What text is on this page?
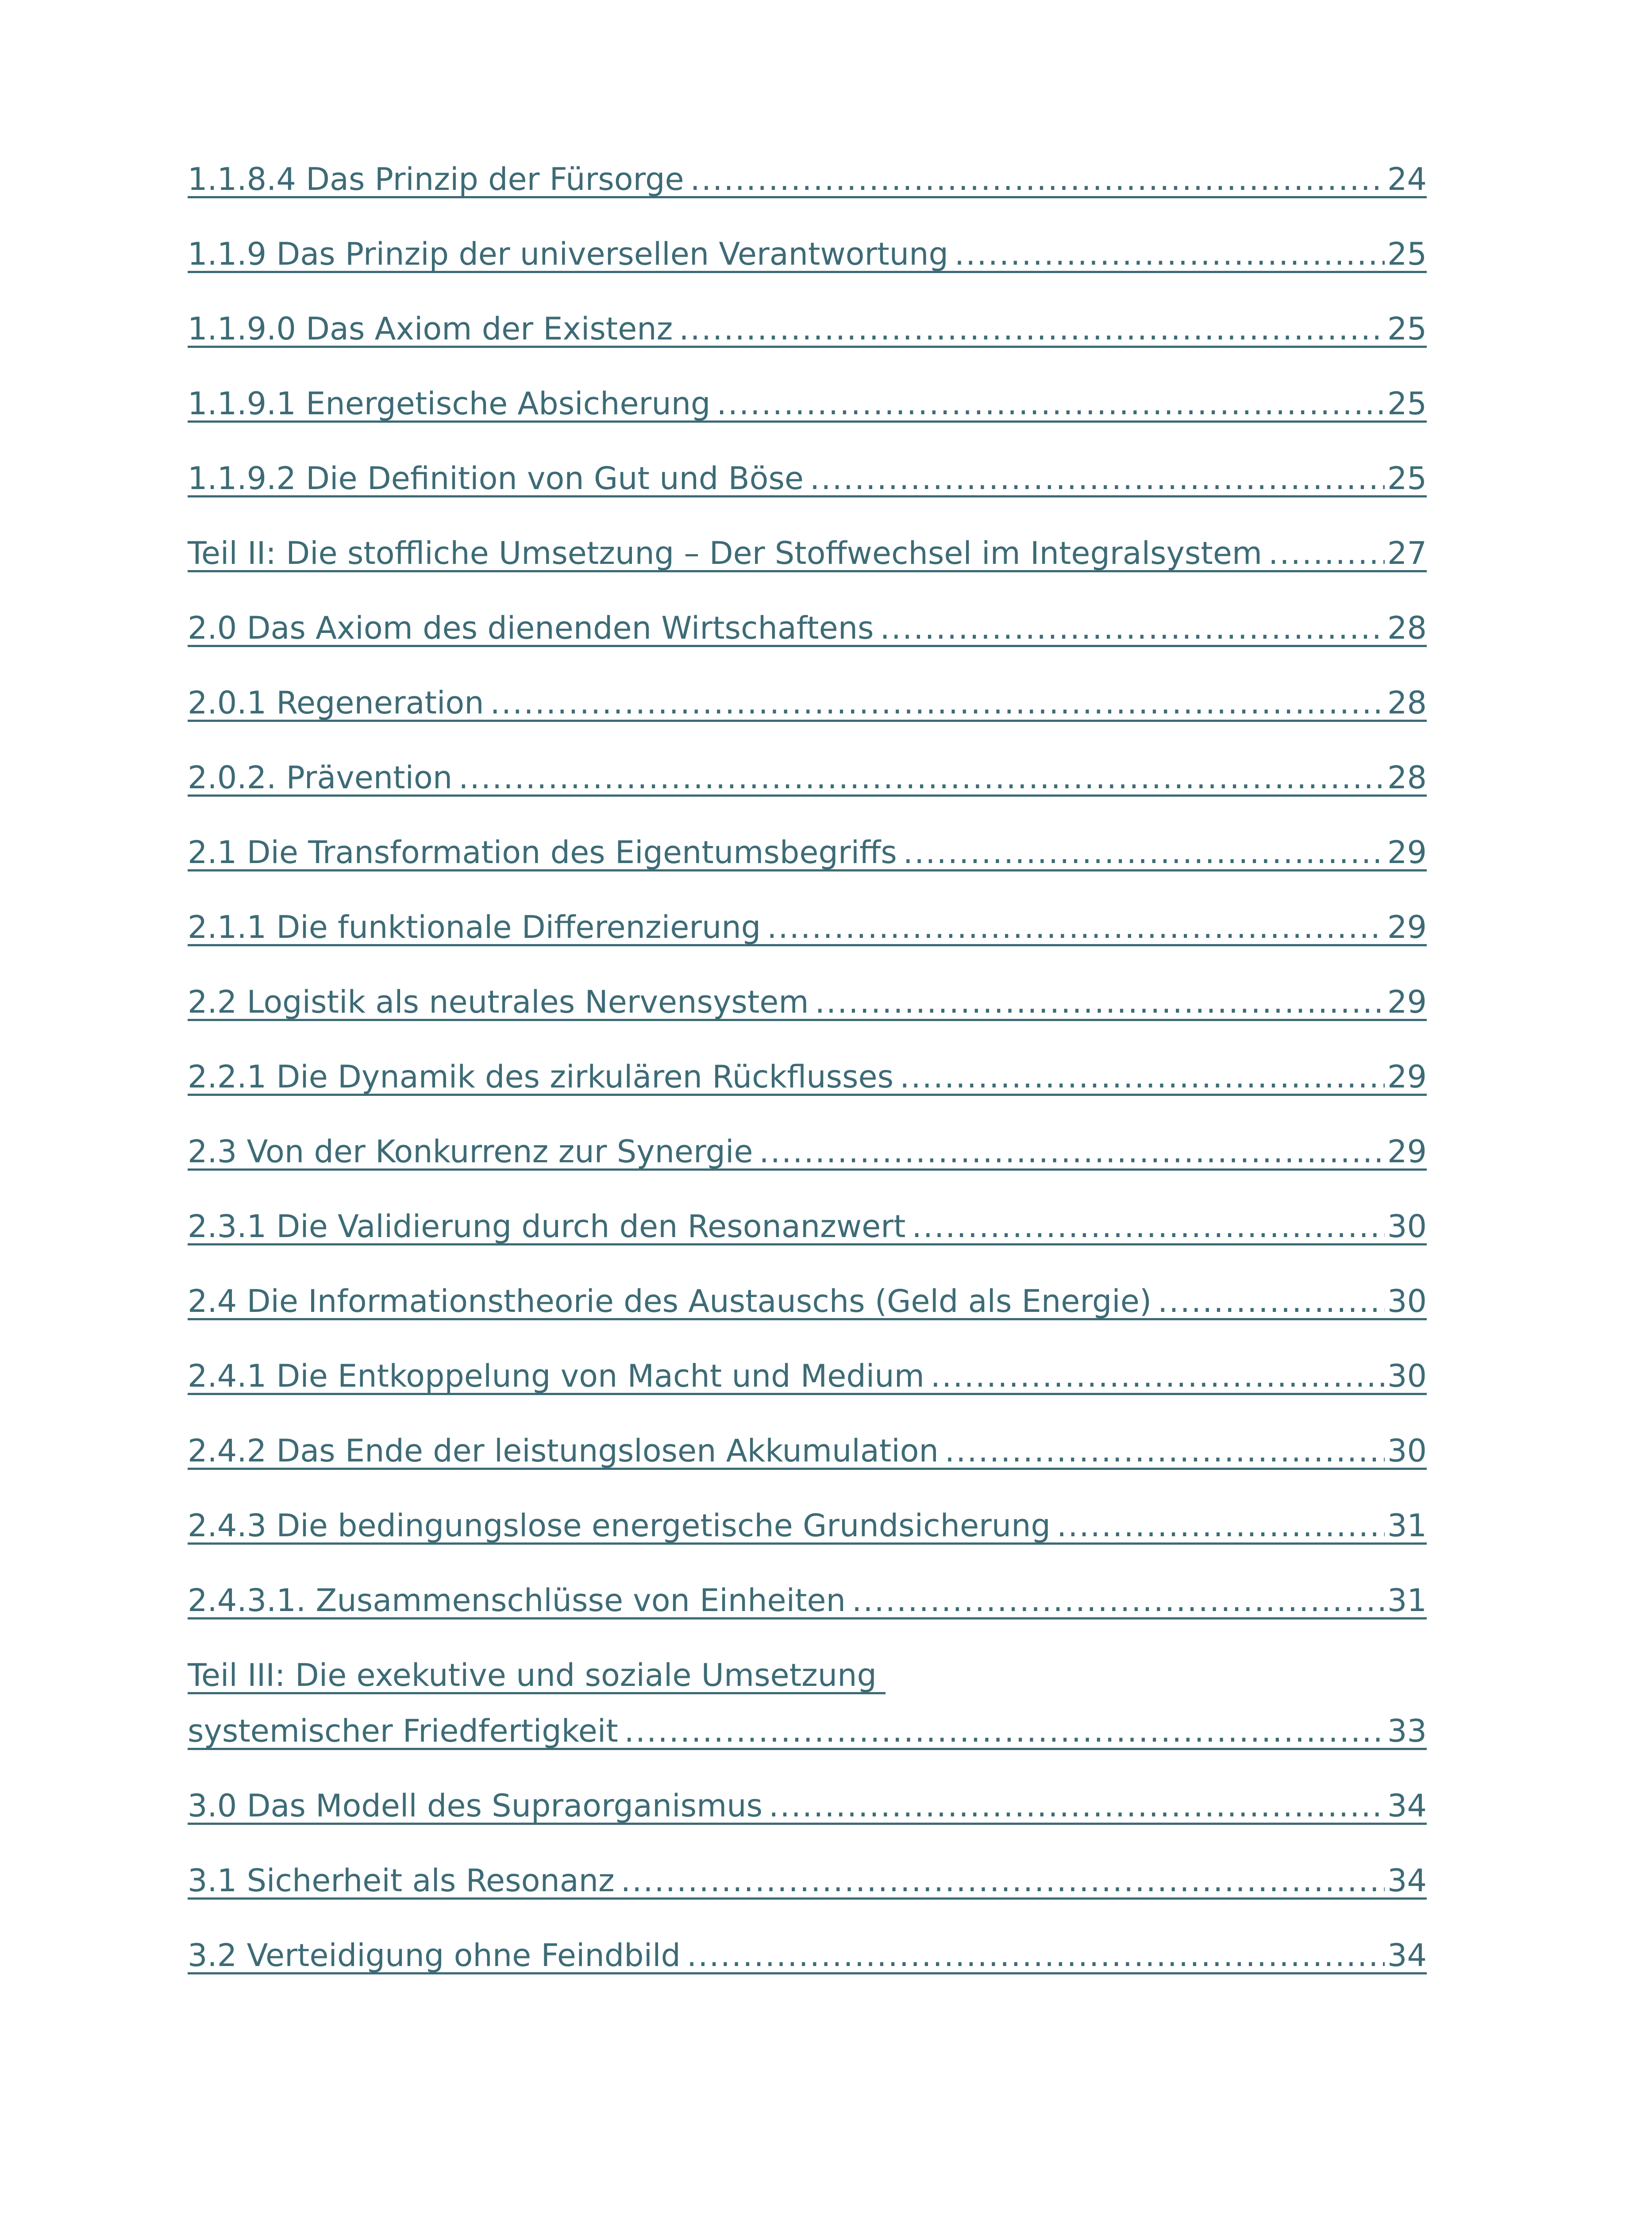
1.1.8.4 Das Prinzip der Fürsorge .....	24
1.1.9 Das Prinzip der universellen Verantwortung .....	25
1.1.9.0 Das Axiom der Existenz .....	25
1.1.9.1 Energetische Absicherung .....	25
1.1.9.2 Die Definition von Gut und Böse .....	25
Teil II: Die stoffliche Umsetzung – Der Stoffwechsel im Integralsystem .....	27
2.0 Das Axiom des dienenden Wirtschaftens .....	28
2.0.1 Regeneration .....	28
2.0.2. Prävention .....	28
2.1 Die Transformation des Eigentumsbegriffs .....	29
2.1.1 Die funktionale Differenzierung .....	29
2.2 Logistik als neutrales Nervensystem .....	29
2.2.1 Die Dynamik des zirkulären Rückflusses .....	29
2.3 Von der Konkurrenz zur Synergie .....	29
2.3.1 Die Validierung durch den Resonanzwert .....	30
2.4 Die Informationstheorie des Austauschs (Geld als Energie) .....	30
2.4.1 Die Entkoppelung von Macht und Medium .....	30
2.4.2 Das Ende der leistungslosen Akkumulation .....	30
2.4.3 Die bedingungslose energetische Grundsicherung .....	31
2.4.3.1. Zusammenschlüsse von Einheiten .....	31
Teil III: Die exekutive und soziale Umsetzung
systemischer Friedfertigkeit .....	33
3.0 Das Modell des Supraorganismus .....	34
3.1 Sicherheit als Resonanz .....	34
3.2 Verteidigung ohne Feindbild .....	34
